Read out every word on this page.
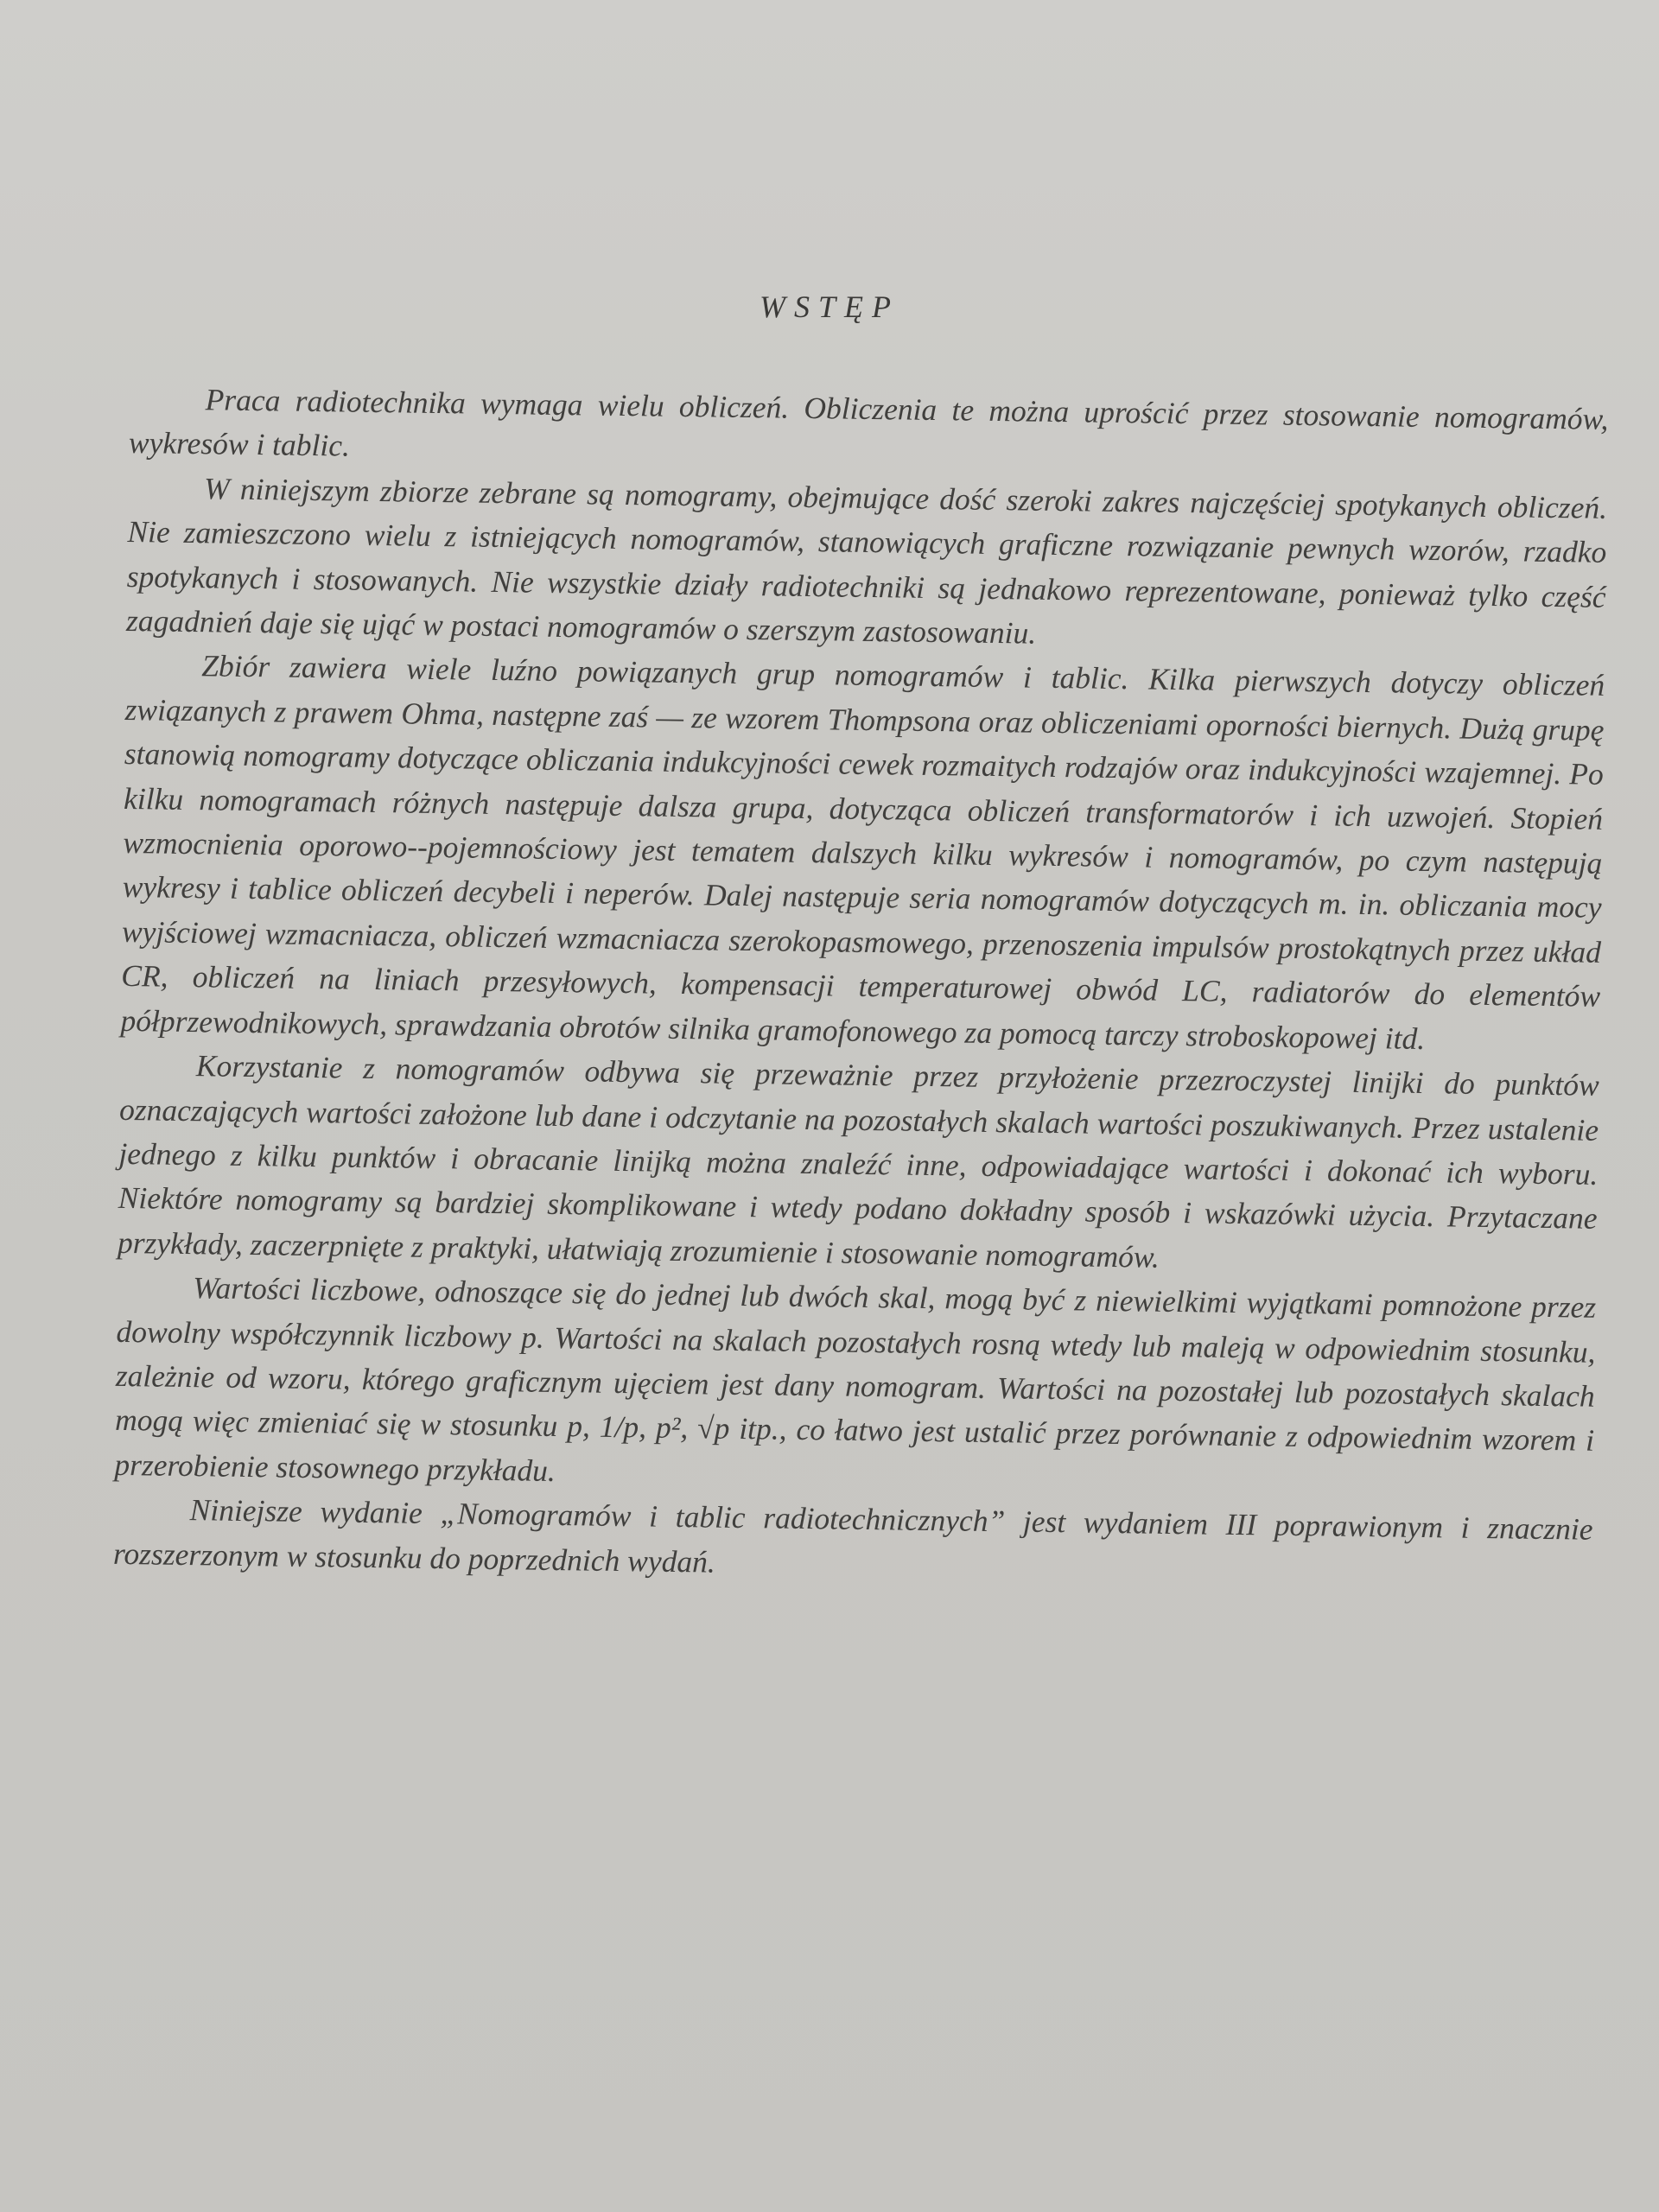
WSTĘP

Praca radiotechnika wymaga wielu obliczeń. Obliczenia te można uprościć przez stosowanie nomogramów, wykresów i tablic.

W niniejszym zbiorze zebrane są nomogramy, obejmujące dość szeroki zakres najczęściej spotykanych obliczeń. Nie zamieszczono wielu z istniejących nomogramów, stanowiących graficzne rozwiązanie pewnych wzorów, rzadko spotykanych i stosowanych. Nie wszystkie działy radiotechniki są jednakowo reprezentowane, ponieważ tylko część zagadnień daje się ująć w postaci nomogramów o szerszym zastosowaniu.

Zbiór zawiera wiele luźno powiązanych grup nomogramów i tablic. Kilka pierwszych dotyczy obliczeń związanych z prawem Ohma, następne zaś — ze wzorem Thompsona oraz obliczeniami oporności biernych. Dużą grupę stanowią nomogramy dotyczące obliczania indukcyjności cewek rozmaitych rodzajów oraz indukcyjności wzajemnej. Po kilku nomogramach różnych następuje dalsza grupa, dotycząca obliczeń transformatorów i ich uzwojeń. Stopień wzmocnienia oporowo--pojemnościowy jest tematem dalszych kilku wykresów i nomogramów, po czym następują wykresy i tablice obliczeń decybeli i neperów. Dalej następuje seria nomogramów dotyczących m. in. obliczania mocy wyjściowej wzmacniacza, obliczeń wzmacniacza szerokopasmowego, przenoszenia impulsów prostokątnych przez układ CR, obliczeń na liniach przesyłowych, kompensacji temperaturowej obwód LC, radiatorów do elementów półprzewodnikowych, sprawdzania obrotów silnika gramofonowego za pomocą tarczy stroboskopowej itd.

Korzystanie z nomogramów odbywa się przeważnie przez przyłożenie przezroczystej linijki do punktów oznaczających wartości założone lub dane i odczytanie na pozostałych skalach wartości poszukiwanych. Przez ustalenie jednego z kilku punktów i obracanie linijką można znaleźć inne, odpowiadające wartości i dokonać ich wyboru. Niektóre nomogramy są bardziej skomplikowane i wtedy podano dokładny sposób i wskazówki użycia. Przytaczane przykłady, zaczerpnięte z praktyki, ułatwiają zrozumienie i stosowanie nomogramów.

Wartości liczbowe, odnoszące się do jednej lub dwóch skal, mogą być z niewielkimi wyjątkami pomnożone przez dowolny współczynnik liczbowy p. Wartości na skalach pozostałych rosną wtedy lub maleją w odpowiednim stosunku, zależnie od wzoru, którego graficznym ujęciem jest dany nomogram. Wartości na pozostałej lub pozostałych skalach mogą więc zmieniać się w stosunku p, 1/p, p², √p itp., co łatwo jest ustalić przez porównanie z odpowiednim wzorem i przerobienie stosownego przykładu.

Niniejsze wydanie „Nomogramów i tablic radiotechnicznych” jest wydaniem III poprawionym i znacznie rozszerzonym w stosunku do poprzednich wydań.
